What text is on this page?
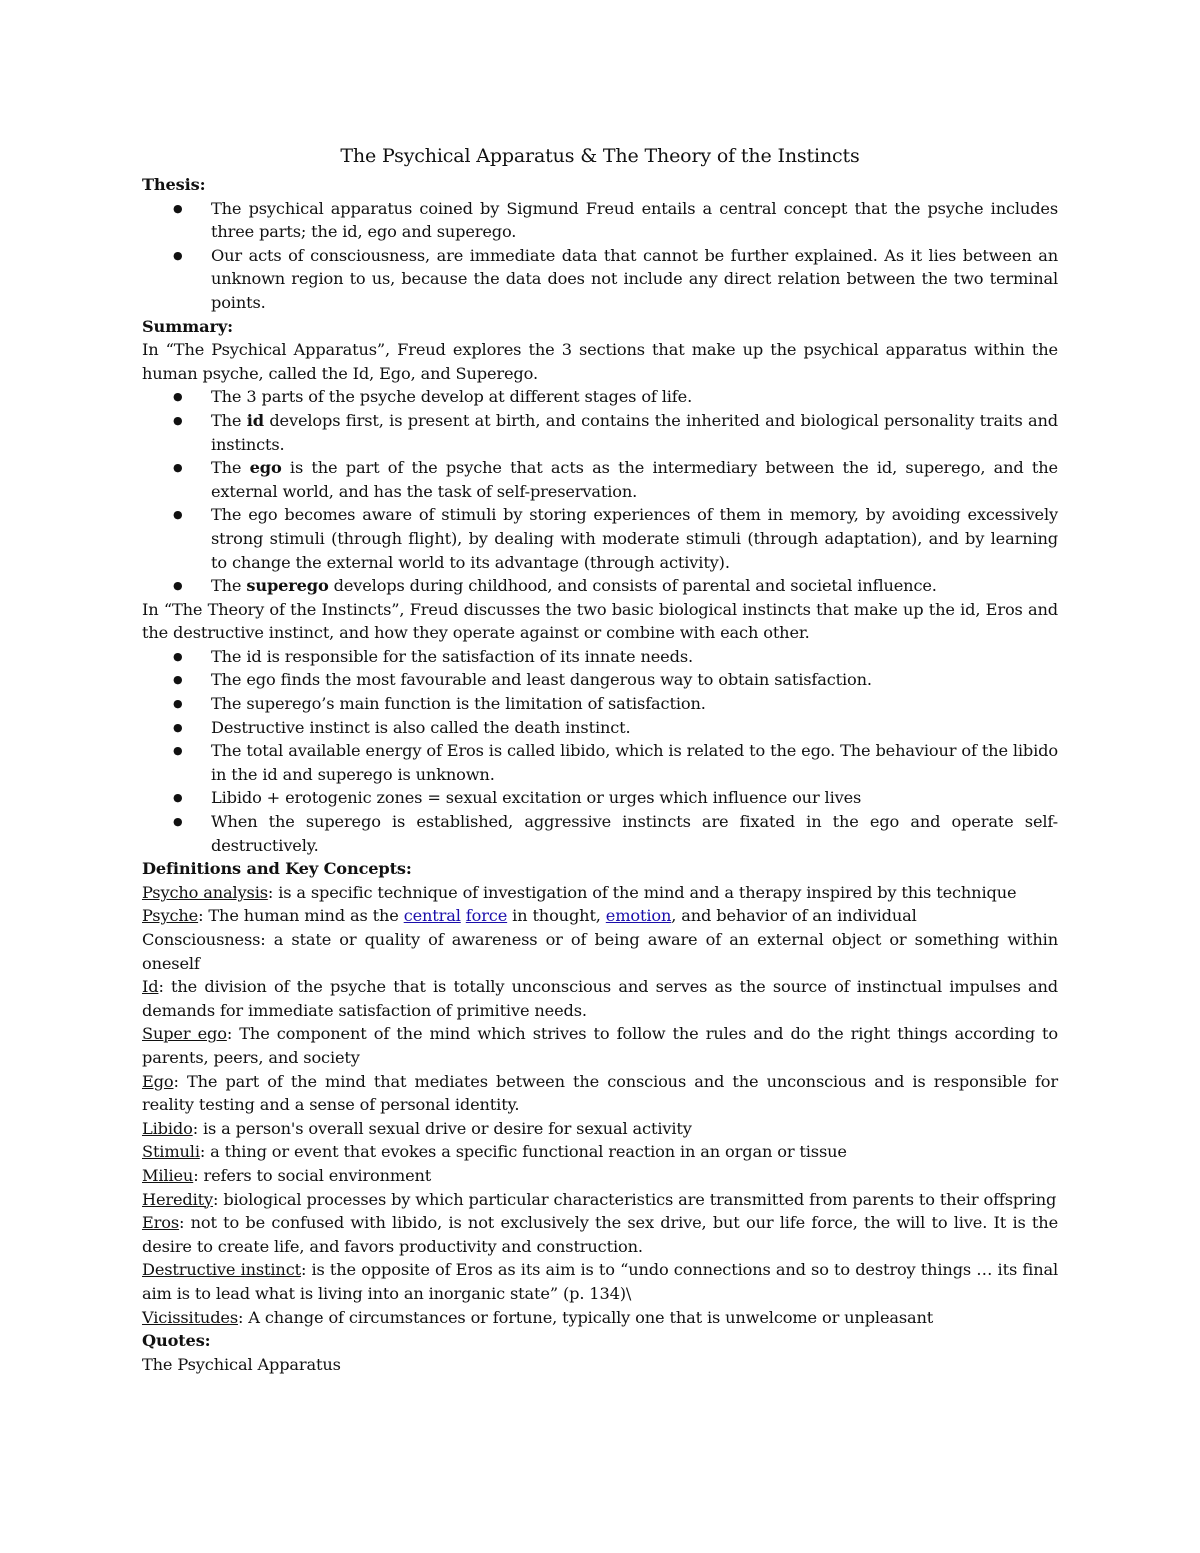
The Psychical Apparatus & The Theory of the Instincts

Thesis:

● The psychical apparatus coined by Sigmund Freud entails a central concept that the psyche includes three parts; the id, ego and superego.
● Our acts of consciousness, are immediate data that cannot be further explained. As it lies between an unknown region to us, because the data does not include any direct relation between the two terminal points.

Summary:

In “The Psychical Apparatus”, Freud explores the 3 sections that make up the psychical apparatus within the human psyche, called the Id, Ego, and Superego.

● The 3 parts of the psyche develop at different stages of life.
● The id develops first, is present at birth, and contains the inherited and biological personality traits and instincts.
● The ego is the part of the psyche that acts as the intermediary between the id, superego, and the external world, and has the task of self-preservation.
● The ego becomes aware of stimuli by storing experiences of them in memory, by avoiding excessively strong stimuli (through flight), by dealing with moderate stimuli (through adaptation), and by learning to change the external world to its advantage (through activity).
● The superego develops during childhood, and consists of parental and societal influence.

In “The Theory of the Instincts”, Freud discusses the two basic biological instincts that make up the id, Eros and the destructive instinct, and how they operate against or combine with each other.

● The id is responsible for the satisfaction of its innate needs.
● The ego finds the most favourable and least dangerous way to obtain satisfaction.
● The superego’s main function is the limitation of satisfaction.
● Destructive instinct is also called the death instinct.
● The total available energy of Eros is called libido, which is related to the ego. The behaviour of the libido in the id and superego is unknown.
● Libido + erotogenic zones = sexual excitation or urges which influence our lives
● When the superego is established, aggressive instincts are fixated in the ego and operate self-destructively.

Definitions and Key Concepts:

Psycho analysis: is a specific technique of investigation of the mind and a therapy inspired by this technique

Psyche: The human mind as the central force in thought, emotion, and behavior of an individual

Consciousness: a state or quality of awareness or of being aware of an external object or something within oneself

Id: the division of the psyche that is totally unconscious and serves as the source of instinctual impulses and demands for immediate satisfaction of primitive needs.

Super ego: The component of the mind which strives to follow the rules and do the right things according to parents, peers, and society

Ego: The part of the mind that mediates between the conscious and the unconscious and is responsible for reality testing and a sense of personal identity.

Libido: is a person's overall sexual drive or desire for sexual activity

Stimuli: a thing or event that evokes a specific functional reaction in an organ or tissue

Milieu: refers to social environment

Heredity: biological processes by which particular characteristics are transmitted from parents to their offspring

Eros: not to be confused with libido, is not exclusively the sex drive, but our life force, the will to live. It is the desire to create life, and favors productivity and construction.

Destructive instinct: is the opposite of Eros as its aim is to “undo connections and so to destroy things … its final aim is to lead what is living into an inorganic state” (p. 134)\

Vicissitudes: A change of circumstances or fortune, typically one that is unwelcome or unpleasant

Quotes:

The Psychical Apparatus
